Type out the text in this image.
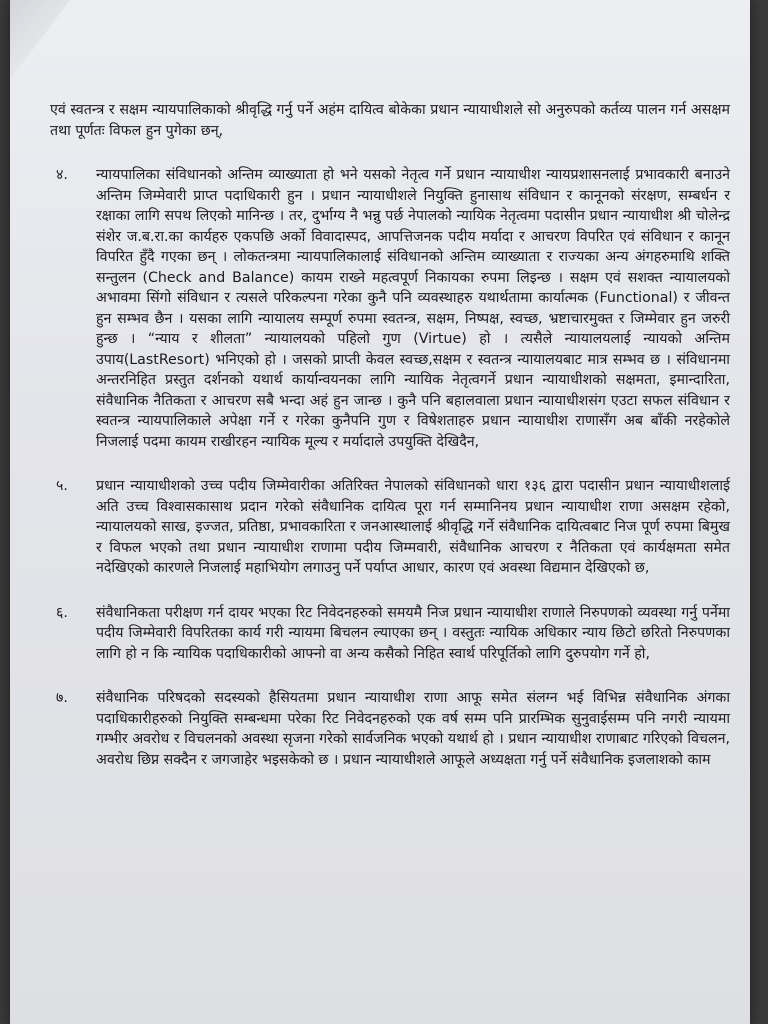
एवं स्वतन्त्र र सक्षम न्यायपालिकाको श्रीवृद्धि गर्नु पर्ने अहंम दायित्व बोकेका प्रधान न्यायाधीशले सो अनुरुपको कर्तव्य पालन गर्न असक्षम तथा पूर्णतः विफल हुन पुगेका छन्,

४.	न्यायपालिका संविधानको अन्तिम व्याख्याता हो भने यसको नेतृत्व गर्ने प्रधान न्यायाधीश न्यायप्रशासनलाई प्रभावकारी बनाउने अन्तिम जिम्मेवारी प्राप्त पदाधिकारी हुन । प्रधान न्यायाधीशले नियुक्ति हुनासाथ संविधान र कानूनको संरक्षण, सम्बर्धन र रक्षाका लागि सपथ लिएको मानिन्छ । तर, दुर्भाग्य नै भन्नु पर्छ नेपालको न्यायिक नेतृत्वमा पदासीन प्रधान न्यायाधीश श्री चोलेन्द्र संशेर ज.ब.रा.का कार्यहरु एकपछि अर्को विवादास्पद, आपत्तिजनक पदीय मर्यादा र आचरण विपरित एवं संविधान र कानून विपरित हुँदै गएका छन् । लोकतन्त्रमा न्यायपालिकालाई संविधानको अन्तिम व्याख्याता र राज्यका अन्य अंगहरुमाथि शक्ति सन्तुलन (Check and Balance) कायम राख्ने महत्वपूर्ण निकायका रुपमा लिइन्छ । सक्षम एवं सशक्त न्यायालयको अभावमा सिंगो संविधान र त्यसले परिकल्पना गरेका कुनै पनि व्यवस्थाहरु यथार्थतामा कार्यात्मक (Functional) र जीवन्त हुन सम्भव छैन । यसका लागि न्यायालय सम्पूर्ण रुपमा स्वतन्त्र, सक्षम, निष्पक्ष, स्वच्छ, भ्रष्टाचारमुक्त र जिम्मेवार हुन जरुरी हुन्छ । “न्याय र शीलता” न्यायालयको पहिलो गुण (Virtue) हो । त्यसैले न्यायालयलाई न्यायको अन्तिम उपाय(LastResort) भनिएको हो । जसको प्राप्ती केवल स्वच्छ,सक्षम र स्वतन्त्र न्यायालयबाट मात्र सम्भव छ । संविधानमा अन्तरनिहित प्रस्तुत दर्शनको यथार्थ कार्यान्वयनका लागि न्यायिक नेतृत्वगर्ने प्रधान न्यायाधीशको सक्षमता, इमान्दारिता, संवैधानिक नैतिकता र आचरण सबै भन्दा अहं हुन जान्छ । कुनै पनि बहालवाला प्रधान न्यायाधीशसंग एउटा सफल संविधान र स्वतन्त्र न्यायपालिकाले अपेक्षा गर्ने र गरेका कुनैपनि गुण र विषेशताहरु प्रधान न्यायाधीश राणासँग अब बाँकी नरहेकोले निजलाई पदमा कायम राखीरहन न्यायिक मूल्य र मर्यादाले उपयुक्ति देखिदैन,
५.	प्रधान न्यायाधीशको उच्च पदीय जिम्मेवारीका अतिरिक्त नेपालको संविधानको धारा १३६ द्वारा पदासीन प्रधान न्यायाधीशलाई अति उच्च विश्वासकासाथ प्रदान गरेको संवैधानिक दायित्व पूरा गर्न सम्मानिनय प्रधान न्यायाधीश राणा असक्षम रहेको, न्यायालयको साख, इज्जत, प्रतिष्ठा, प्रभावकारिता र जनआस्थालाई श्रीवृद्धि गर्ने संवैधानिक दायित्वबाट निज पूर्ण रुपमा बिमुख र विफल भएको तथा प्रधान न्यायाधीश राणामा पदीय जिम्मवारी, संवैधानिक आचरण र नैतिकता एवं कार्यक्षमता समेत नदेखिएको कारणले निजलाई महाभियोग लगाउनु पर्ने पर्याप्त आधार, कारण एवं अवस्था विद्यमान देखिएको छ,
६.	संवैधानिकता परीक्षण गर्न दायर भएका रिट निवेदनहरुको समयमै निज प्रधान न्यायाधीश राणाले निरुपणको व्यवस्था गर्नु पर्नेमा पदीय जिम्मेवारी विपरितका कार्य गरी न्यायमा बिचलन ल्याएका छन् । वस्तुतः न्यायिक अधिकार न्याय छिटो छरितो निरुपणका लागि हो न कि न्यायिक पदाधिकारीको आफ्नो वा अन्य कसैको निहित स्वार्थ परिपूर्तिको लागि दुरुपयोग गर्ने हो,
७.	संवैधानिक परिषदको सदस्यको हैसियतमा प्रधान न्यायाधीश राणा आफू समेत संलग्न भई विभिन्न संवैधानिक अंगका पदाधिकारीहरुको नियुक्ति सम्बन्धमा परेका रिट निवेदनहरुको एक वर्ष सम्म पनि प्रारम्भिक सुनुवाईसम्म पनि नगरी न्यायमा गम्भीर अवरोध र विचलनको अवस्था सृजना गरेको सार्वजनिक भएको यथार्थ हो । प्रधान न्यायाधीश राणाबाट गरिएको विचलन, अवरोध छिप्न सक्दैन र जगजाहेर भइसकेको छ । प्रधान न्यायाधीशले आफूले अध्यक्षता गर्नु पर्ने संवैधानिक इजलाशको काम
